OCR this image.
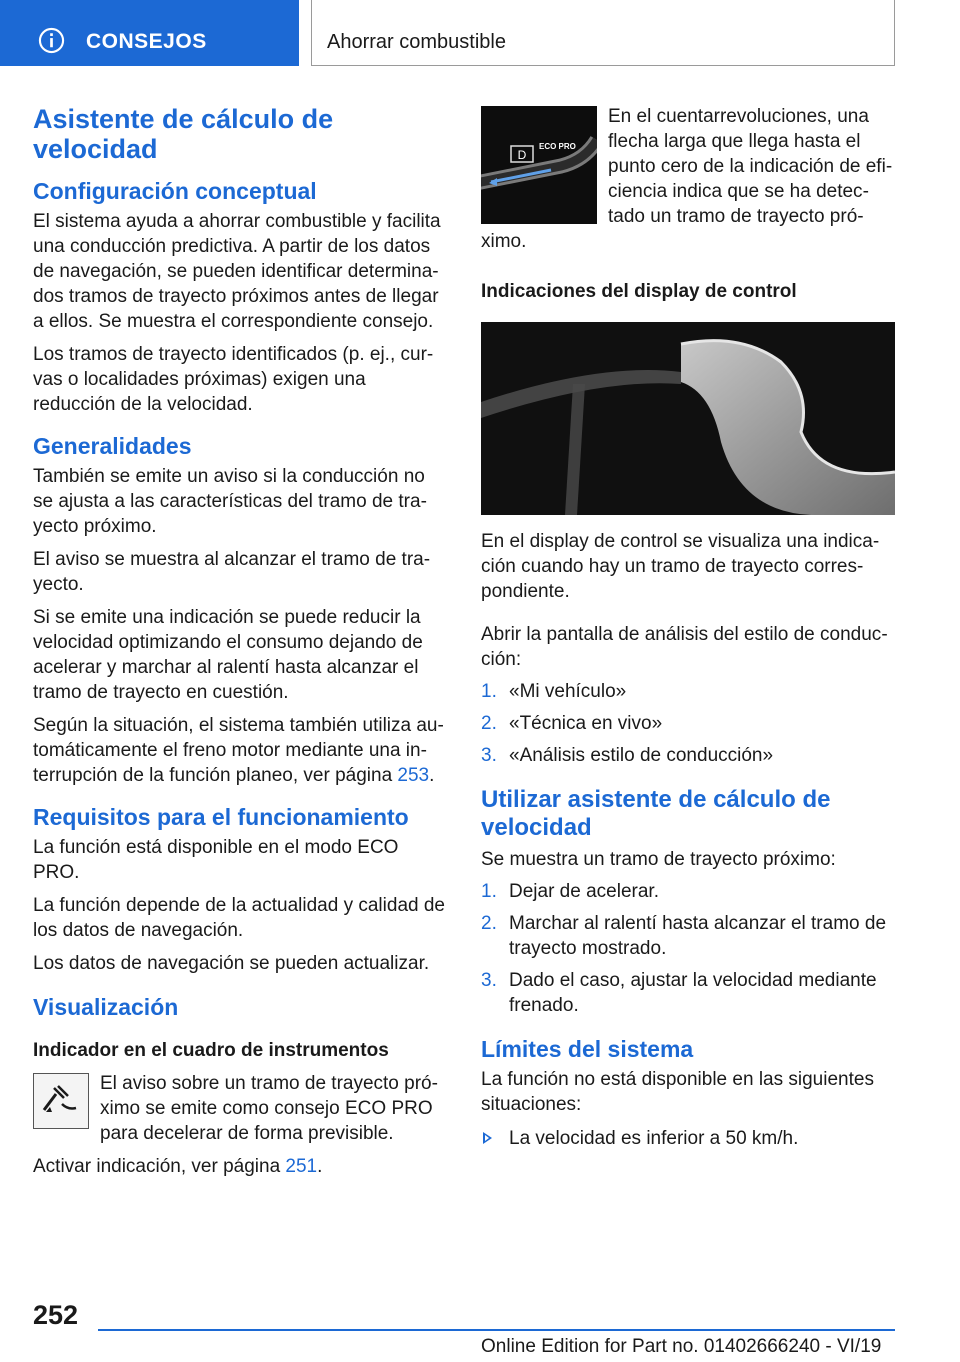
CONSEJOS	Ahorrar combustible
Asistente de cálculo de velocidad
Configuración conceptual

El sistema ayuda a ahorrar combustible y facilita una conducción predictiva. A partir de los datos de navegación, se pueden identificar determinados tramos de trayecto próximos antes de llegar a ellos. Se muestra el correspondiente consejo.

Los tramos de trayecto identificados (p. ej., curvas o localidades próximas) exigen una reducción de la velocidad.

Generalidades

También se emite un aviso si la conducción no se ajusta a las características del tramo de trayecto próximo.

El aviso se muestra al alcanzar el tramo de trayecto.

Si se emite una indicación se puede reducir la velocidad optimizando el consumo dejando de acelerar y marchar al ralentí hasta alcanzar el tramo de trayecto en cuestión.

Según la situación, el sistema también utiliza automáticamente el freno motor mediante una interrupción de la función planeo, ver página 253.

Requisitos para el funcionamiento

La función está disponible en el modo ECO PRO.

La función depende de la actualidad y calidad de los datos de navegación.

Los datos de navegación se pueden actualizar.

Visualización
Indicador en el cuadro de instrumentos

El aviso sobre un tramo de trayecto próximo se emite como consejo ECO PRO para decelerar de forma previsible.

Activar indicación, ver página 251.

D
ECO PRO

En el cuentarrevoluciones, una flecha larga que llega hasta el punto cero de la indicación de eficiencia indica que se ha detectado un tramo de trayecto próximo.

Indicaciones del display de control

En el display de control se visualiza una indicación cuando hay un tramo de trayecto correspondiente.

Abrir la pantalla de análisis del estilo de conducción:

1. «Mi vehículo»
2. «Técnica en vivo»
3. «Análisis estilo de conducción»
Utilizar asistente de cálculo de velocidad

Se muestra un tramo de trayecto próximo:

1. Dejar de acelerar.
2. Marchar al ralentí hasta alcanzar el tramo de trayecto mostrado.
3. Dado el caso, ajustar la velocidad mediante frenado.
Límites del sistema

La función no está disponible en las siguientes situaciones:

La velocidad es inferior a 50 km/h.
252
Online Edition for Part no. 01402666240 - VI/19
